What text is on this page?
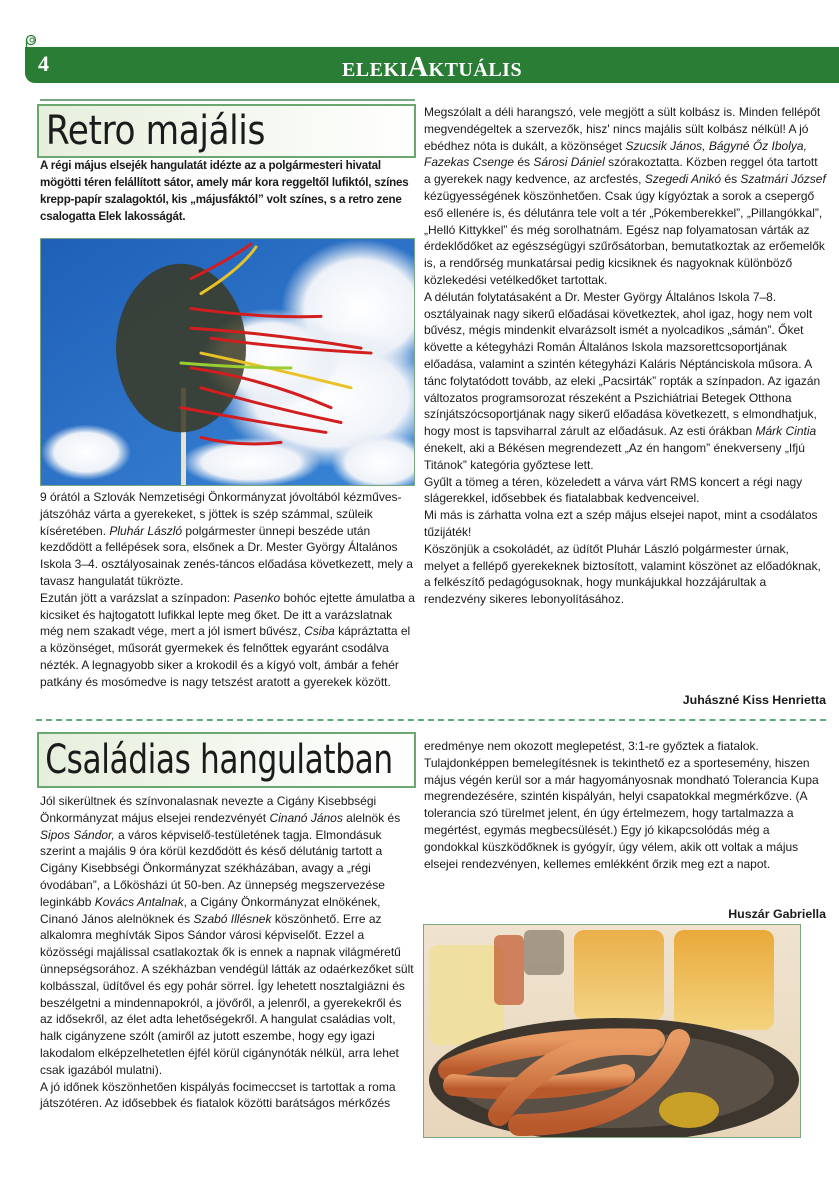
4	ELEKIAKTUÁLIS
Retro majális
A régi május elsejék hangulatát idézte az a polgármesteri hivatal mögötti téren felállított sátor, amely már kora reggeltől lufiktól, színes krepp-papír szalagoktól, kis „májusfáktól” volt színes, s a retro zene csalogatta Elek lakosságát.

9 órától a Szlovák Nemzetiségi Önkormányzat jóvoltából kézműves-játszóház várta a gyerekeket, s jöttek is szép számmal, szüleik kíséretében. Pluhár László polgármester ünnepi beszéde után kezdődött a fellépések sora, elsőnek a Dr. Mester György Általános Iskola 3–4. osztályosainak zenés-táncos előadása következett, mely a tavasz hangulatát tükrözte.

Ezután jött a varázslat a színpadon: Pasenko bohóc ejtette ámulatba a kicsiket és hajtogatott lufikkal lepte meg őket. De itt a varázslatnak még nem szakadt vége, mert a jól ismert bűvész, Csiba kápráztatta el a közönséget, műsorát gyermekek és felnőttek egyaránt csodálva nézték. A legnagyobb siker a krokodil és a kígyó volt, ámbár a fehér patkány és mosómedve is nagy tetszést aratott a gyerekek között.

Megszólalt a déli harangszó, vele megjött a sült kolbász is. Minden fellépőt megvendégeltek a szervezők, hisz' nincs majális sült kolbász nélkül! A jó ebédhez nóta is dukált, a közönséget Szucsik János, Bágyné Őz Ibolya, Fazekas Csenge és Sárosi Dániel szórakoztatta. Közben reggel óta tartott a gyerekek nagy kedvence, az arcfestés, Szegedi Anikó és Szatmári József kézügyességének köszönhetően. Csak úgy kígyóztak a sorok a csepergő eső ellenére is, és délutánra tele volt a tér „Pókemberekkel”, „Pillangókkal”, „Helló Kittykkel” és még sorolhatnám. Egész nap folyamatosan várták az érdeklődőket az egészségügyi szűrősátorban, bemutatkoztak az erőemelők is, a rendőrség munkatársai pedig kicsiknek és nagyoknak különböző közlekedési vetélkedőket tartottak.

A délután folytatásaként a Dr. Mester György Általános Iskola 7–8. osztályainak nagy sikerű előadásai következtek, ahol igaz, hogy nem volt bűvész, mégis mindenkit elvarázsolt ismét a nyolcadikos „sámán”. Őket követte a kétegyházi Román Általános Iskola mazsorettcsoportjának előadása, valamint a szintén kétegyházi Kaláris Néptánciskola műsora. A tánc folytatódott tovább, az eleki „Pacsirták” ropták a színpadon. Az igazán változatos programsorozat részeként a Pszichiátriai Betegek Otthona színjátszócsoportjának nagy sikerű előadása következett, s elmondhatjuk, hogy most is tapsviharral zárult az előadásuk. Az esti órákban Márk Cintia énekelt, aki a Békésen megrendezett „Az én hangom” énekverseny „Ifjú Titánok” kategória győztese lett.

Gyűlt a tömeg a téren, közeledett a várva várt RMS koncert a régi nagy slágerekkel, idősebbek és fiatalabbak kedvenceivel.

Mi más is zárhatta volna ezt a szép május elsejei napot, mint a csodálatos tűzijáték!

Köszönjük a csokoládét, az üdítőt Pluhár László polgármester úrnak, melyet a fellépő gyerekeknek biztosított, valamint köszönet az előadóknak, a felkészítő pedagógusoknak, hogy munkájukkal hozzájárultak a rendezvény sikeres lebonyolításához.

Juhászné Kiss Henrietta

Családias hangulatban

Jól sikerültnek és színvonalasnak nevezte a Cigány Kisebbségi Önkormányzat május elsejei rendezvényét Cinanó János alelnök és Sipos Sándor, a város képviselő-testületének tagja. Elmondásuk szerint a majális 9 óra körül kezdődött és késő délutánig tartott a Cigány Kisebbségi Önkormányzat székházában, avagy a „régi óvodában”, a Lőkösházi út 50-ben. Az ünnepség megszervezése leginkább Kovács Antalnak, a Cigány Önkormányzat elnökének, Cinanó János alelnöknek és Szabó Illésnek köszönhető. Erre az alkalomra meghívták Sipos Sándor városi képviselőt. Ezzel a közösségi majálissal csatlakoztak ők is ennek a napnak világméretű ünnepségsorához. A székházban vendégül látták az odaérkezőket sült kolbásszal, üdítővel és egy pohár sörrel. Így lehetett nosztalgiázni és beszélgetni a mindennapokról, a jövőről, a jelenről, a gyerekekről és az idősekről, az élet adta lehetőségekről. A hangulat családias volt, halk cigányzene szólt (amiről az jutott eszembe, hogy egy igazi lakodalom elképzelhetetlen éjfél körül cigánynóták nélkül, arra lehet csak igazából mulatni).

A jó időnek köszönhetően kispályás focimeccset is tartottak a roma játszótéren. Az idősebbek és fiatalok közötti barátságos mérkőzés

eredménye nem okozott meglepetést, 3:1-re győztek a fiatalok. Tulajdonképpen bemelegítésnek is tekinthető ez a sportesemény, hiszen május végén kerül sor a már hagyományosnak mondható Tolerancia Kupa megrendezésére, szintén kispályán, helyi csapatokkal megmérkőzve. (A tolerancia szó türelmet jelent, én úgy értelmezem, hogy tartalmazza a megértést, egymás megbecsülését.) Egy jó kikapcsolódás még a gondokkal küszködőknek is gyógyír, úgy vélem, akik ott voltak a május elsejei rendezvényen, kellemes emlékként őrzik meg ezt a napot.

Huszár Gabriella
